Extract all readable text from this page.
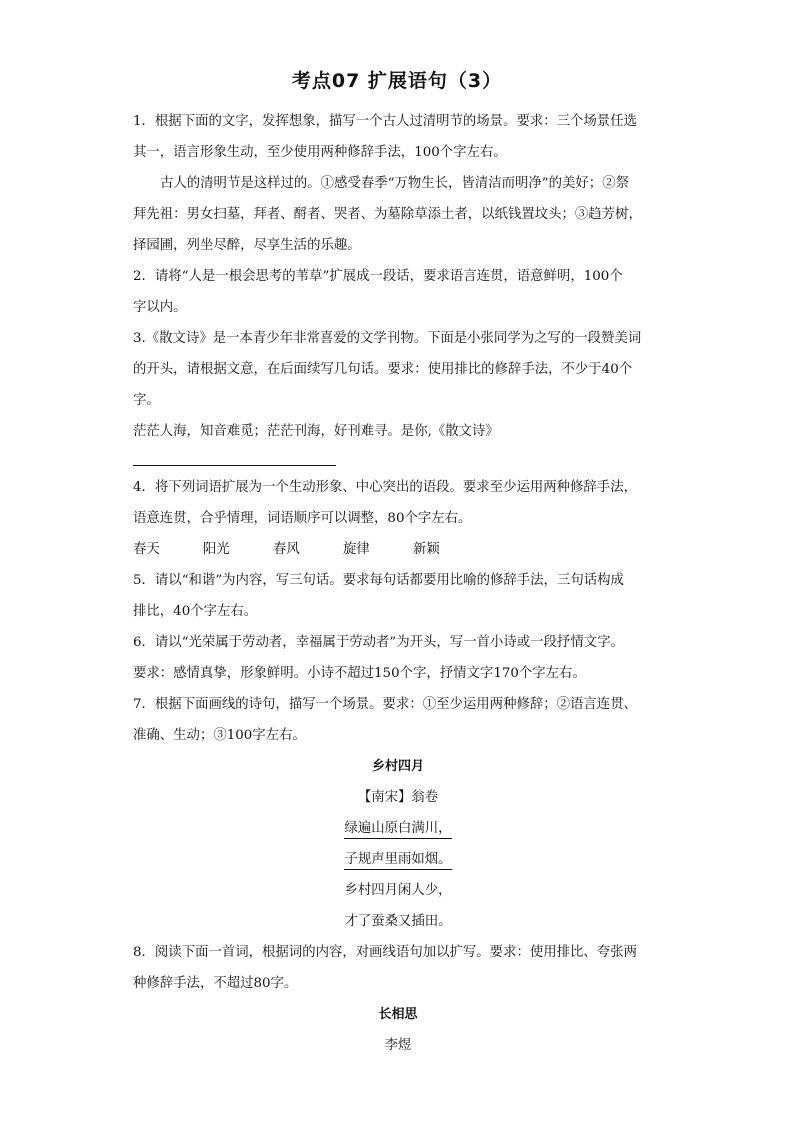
考点07 扩展语句（3）

1．根据下面的文字，发挥想象，描写一个古人过清明节的场景。要求：三个场景任选

其一，语言形象生动，至少使用两种修辞手法，100个字左右。

古人的清明节是这样过的。①感受春季“万物生长，皆清洁而明净”的美好；②祭

拜先祖：男女扫墓，拜者、酹者、哭者、为墓除草添土者，以纸钱置坟头；③趋芳树，

择园圃，列坐尽醉，尽享生活的乐趣。

2．请将“人是一根会思考的苇草”扩展成一段话，要求语言连贯，语意鲜明，100个

字以内。

3.《散文诗》是一本青少年非常喜爱的文学刊物。下面是小张同学为之写的一段赞美词

的开头，请根据文意，在后面续写几句话。要求：使用排比的修辞手法，不少于40个

字。

茫茫人海，知音难觅；茫茫刊海，好刊难寻。是你,《散文诗》

4．将下列词语扩展为一个生动形象、中心突出的语段。要求至少运用两种修辞手法，

语意连贯，合乎情理，词语顺序可以调整，80个字左右。

春天	阳光	春风	旋律	新颖

5．请以“和谐”为内容，写三句话。要求每句话都要用比喻的修辞手法，三句话构成

排比，40个字左右。

6．请以“光荣属于劳动者，幸福属于劳动者”为开头，写一首小诗或一段抒情文字。

要求：感情真挚，形象鲜明。小诗不超过150个字，抒情文字170个字左右。

7．根据下面画线的诗句，描写一个场景。要求：①至少运用两种修辞；②语言连贯、

准确、生动；③100字左右。

乡村四月

【南宋】翁卷

绿遍山原白满川，

子规声里雨如烟。

乡村四月闲人少，

才了蚕桑又插田。

8．阅读下面一首词，根据词的内容，对画线语句加以扩写。要求：使用排比、夸张两

种修辞手法，不超过80字。

长相思

李煜
